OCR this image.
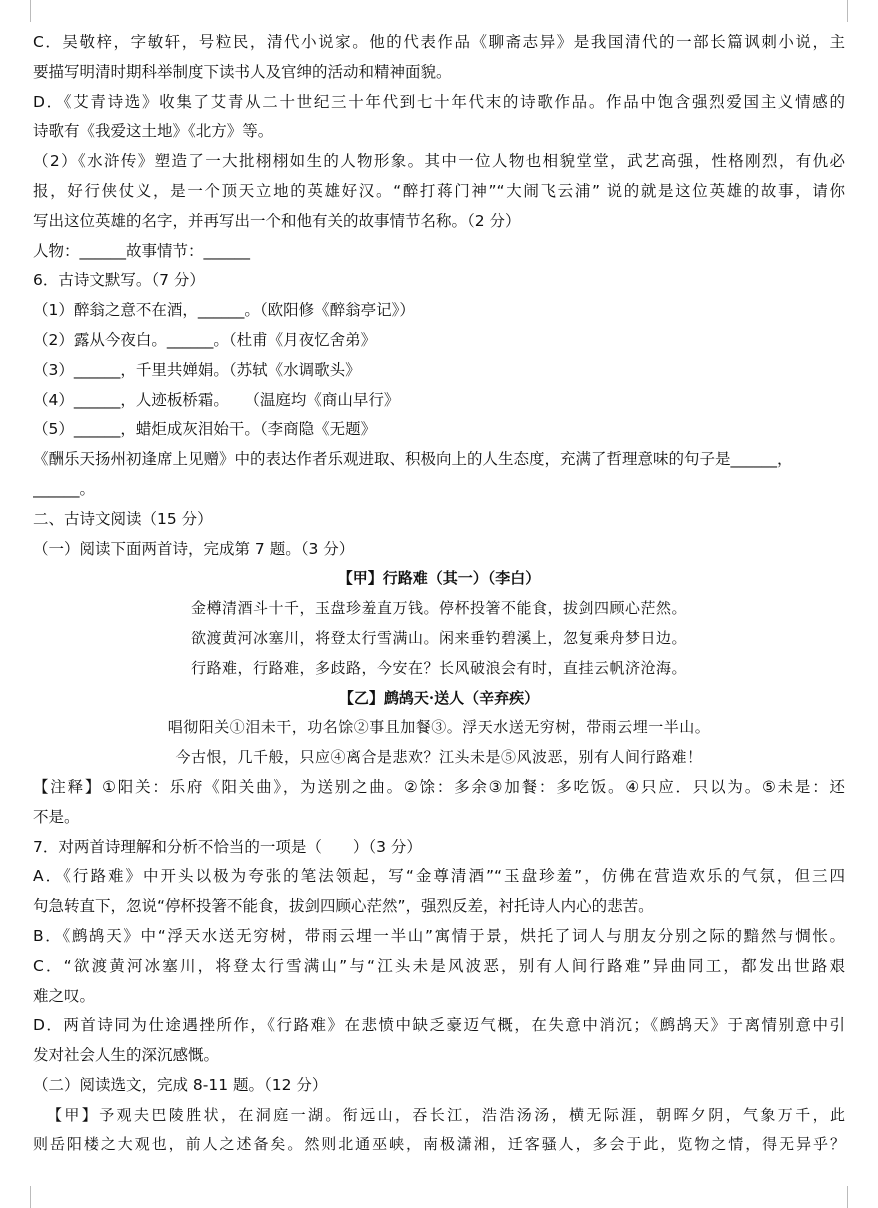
C．吴敬梓，字敏轩，号粒民，清代小说家。他的代表作品《聊斋志异》是我国清代的一部长篇讽刺小说，主
要描写明清时期科举制度下读书人及官绅的活动和精神面貌。
D．《艾青诗选》收集了艾青从二十世纪三十年代到七十年代末的诗歌作品。作品中饱含强烈爱国主义情感的
诗歌有《我爱这土地》《北方》等。
（2）《水浒传》塑造了一大批栩栩如生的人物形象。其中一位人物也相貌堂堂，武艺高强，性格刚烈，有仇必
报，好行侠仗义，是一个顶天立地的英雄好汉。“醉打蒋门神”“大闹飞云浦” 说的就是这位英雄的故事，请你
写出这位英雄的名字，并再写出一个和他有关的故事情节名称。（2 分）
人物：______故事情节：______
6．古诗文默写。（7 分）
（1）醉翁之意不在酒，______。（欧阳修《醉翁亭记》）
（2）露从今夜白。______。（杜甫《月夜忆舍弟》
（3）______，千里共婵娟。（苏轼《水调歌头》
（4）______，人迹板桥霜。　　（温庭均《商山早行》
（5）______，蜡炬成灰泪始干。（李商隐《无题》
《酬乐天扬州初逢席上见赠》中的表达作者乐观进取、积极向上的人生态度，充满了哲理意味的句子是______，
______。
二、古诗文阅读（15 分）
（一）阅读下面两首诗，完成第 7 题。（3 分）
【甲】行路难（其一）（李白）
金樽清酒斗十千，玉盘珍羞直万钱。停杯投箸不能食，拔剑四顾心茫然。
欲渡黄河冰塞川，将登太行雪满山。闲来垂钓碧溪上，忽复乘舟梦日边。
行路难，行路难，多歧路，今安在？长风破浪会有时，直挂云帆济沧海。
【乙】鹧鸪天·送人（辛弃疾）
唱彻阳关①泪未干，功名馀②事且加餐③。浮天水送无穷树，带雨云埋一半山。
今古恨，几千般，只应④离合是悲欢？江头未是⑤风波恶，别有人间行路难！
【注释】①阳关：乐府《阳关曲》，为送别之曲。②馀：多余③加餐：多吃饭。④只应．只以为。⑤未是：还
不是。
7．对两首诗理解和分析不恰当的一项是（　　）（3 分）
A．《行路难》中开头以极为夸张的笔法领起，写“金尊清酒”“玉盘珍羞”，仿佛在营造欢乐的气氛，但三四
句急转直下，忽说“停杯投箸不能食，拔剑四顾心茫然”，强烈反差，衬托诗人内心的悲苦。
B．《鹧鸪天》中“浮天水送无穷树，带雨云埋一半山”寓情于景，烘托了词人与朋友分别之际的黯然与惆怅。
C．“欲渡黄河冰塞川，将登太行雪满山”与“江头未是风波恶，别有人间行路难”异曲同工，都发出世路艰
难之叹。
D．两首诗同为仕途遇挫所作，《行路难》在悲愤中缺乏豪迈气概，在失意中消沉；《鹧鸪天》于离情别意中引
发对社会人生的深沉感慨。
（二）阅读选文，完成 8-11 题。（12 分）
【甲】予观夫巴陵胜状，在洞庭一湖。衔远山，吞长江，浩浩汤汤，横无际涯，朝晖夕阴，气象万千，此
则岳阳楼之大观也，前人之述备矣。然则北通巫峡，南极潇湘，迁客骚人，多会于此，览物之情，得无异乎？
